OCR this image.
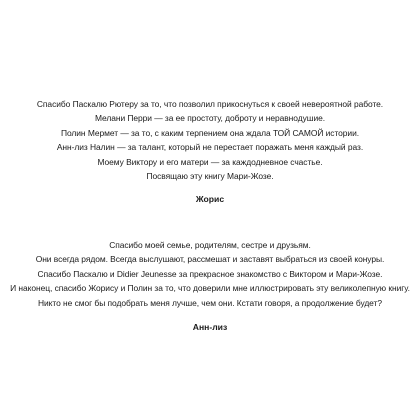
Спасибо Паскалю Рютеру за то, что позволил прикоснуться к своей невероятной работе.
Мелани Перри — за ее простоту, доброту и неравнодушие.
Полин Мермет — за то, с каким терпением она ждала ТОЙ САМОЙ истории.
Анн-лиз Налин — за талант, который не перестает поражать меня каждый раз.
Моему Виктору и его матери — за каждодневное счастье.
Посвящаю эту книгу Мари-Жозе.
Жорис
Спасибо моей семье, родителям, сестре и друзьям.
Они всегда рядом. Всегда выслушают, рассмешат и заставят выбраться из своей конуры.
Спасибо Паскалю и Didier Jeunesse за прекрасное знакомство с Виктором и Мари-Жозе.
И наконец, спасибо Жорису и Полин за то, что доверили мне иллюстрировать эту великолепную книгу.
Никто не смог бы подобрать меня лучше, чем они. Кстати говоря, а продолжение будет?
Анн-лиз
